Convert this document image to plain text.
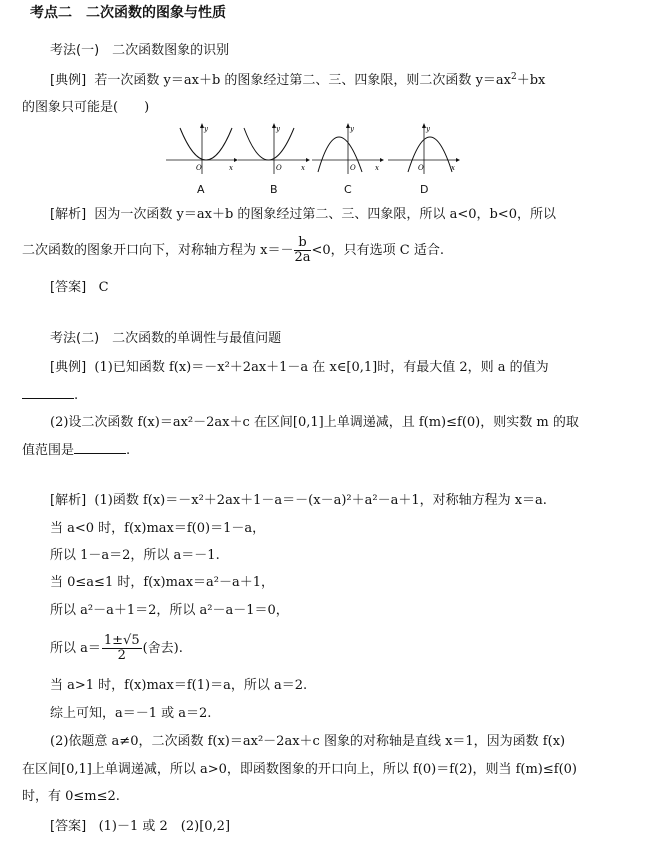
考点二　二次函数的图象与性质
考法(一)　二次函数图象的识别
[典例] 若一次函数 y＝ax＋b 的图象经过第二、三、四象限，则二次函数 $y=ax^2+bx$
的图象只可能是(　　)
O	x
y
O	x
y
O	x
y
O	x
y
A	B	C	D
[解析] 因为一次函数 y＝ax＋b 的图象经过第二、三、四象限，所以 a<0，b<0，所以
二次函数的图象开口向下，对称轴方程为 $x=- \frac{b}{2a} <0$，只有选项 C 适合.
[答案] C
考法(二)　二次函数的单调性与最值问题
[典例] (1)已知函数 f(x)＝－x²＋2ax＋1－a 在 x∈[0,1]时，有最大值 2，则 a 的值为
.
(2)设二次函数 f(x)＝ax²－2ax＋c 在区间[0,1]上单调递减，且 f(m)≤f(0)，则实数 m 的取
值范围是	.
[解析] (1)函数 f(x)＝－x²＋2ax＋1－a＝－(x－a)²＋a²－a＋1，对称轴方程为 x＝a.
当 a<0 时，f(x)max＝f(0)＝1－a，
所以 1－a＝2，所以 a＝－1.
当 0≤a≤1 时，f(x)max＝a²－a＋1，
所以 a²－a＋1＝2，所以 a²－a－1＝0，
所以 $a= \frac{1\pm√5}{2}$ (舍去).
当 a>1 时，f(x)max＝f(1)＝a，所以 a＝2.
综上可知，a＝－1 或 a＝2.
(2)依题意 a≠0，二次函数 f(x)＝ax²－2ax＋c 图象的对称轴是直线 x＝1，因为函数 f(x)
在区间[0,1]上单调递减，所以 a>0，即函数图象的开口向上，所以 f(0)＝f(2)，则当 f(m)≤f(0)
时，有 0≤m≤2.
[答案] (1)－1 或 2　(2)[0,2]
